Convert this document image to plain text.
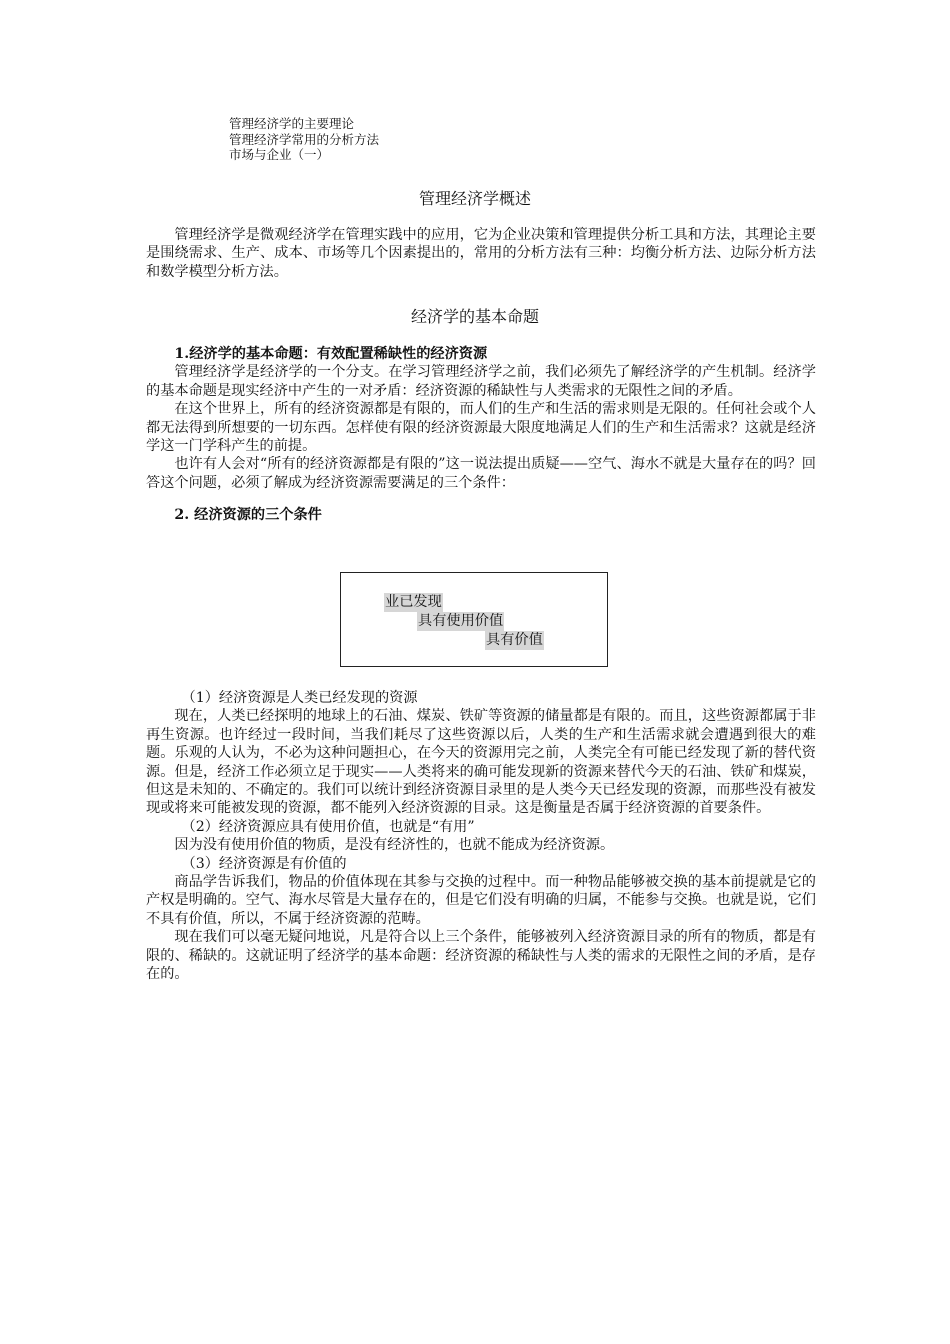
管理经济学的主要理论
管理经济学常用的分析方法
市场与企业（一）
管理经济学概述

管理经济学是微观经济学在管理实践中的应用，它为企业决策和管理提供分析工具和方法，其理论主要是围绕需求、生产、成本、市场等几个因素提出的，常用的分析方法有三种：均衡分析方法、边际分析方法和数学模型分析方法。

经济学的基本命题

1.经济学的基本命题：有效配置稀缺性的经济资源

管理经济学是经济学的一个分支。在学习管理经济学之前，我们必须先了解经济学的产生机制。经济学的基本命题是现实经济中产生的一对矛盾：经济资源的稀缺性与人类需求的无限性之间的矛盾。

在这个世界上，所有的经济资源都是有限的，而人们的生产和生活的需求则是无限的。任何社会或个人都无法得到所想要的一切东西。怎样使有限的经济资源最大限度地满足人们的生产和生活需求？这就是经济学这一门学科产生的前提。

也许有人会对“所有的经济资源都是有限的”这一说法提出质疑——空气、海水不就是大量存在的吗？回答这个问题，必须了解成为经济资源需要满足的三个条件：

2. 经济资源的三个条件

业已发现
具有使用价值
具有价值

（1）经济资源是人类已经发现的资源

现在，人类已经探明的地球上的石油、煤炭、铁矿等资源的储量都是有限的。而且，这些资源都属于非再生资源。也许经过一段时间，当我们耗尽了这些资源以后，人类的生产和生活需求就会遭遇到很大的难题。乐观的人认为，不必为这种问题担心，在今天的资源用完之前，人类完全有可能已经发现了新的替代资源。但是，经济工作必须立足于现实——人类将来的确可能发现新的资源来替代今天的石油、铁矿和煤炭，但这是未知的、不确定的。我们可以统计到经济资源目录里的是人类今天已经发现的资源，而那些没有被发现或将来可能被发现的资源，都不能列入经济资源的目录。这是衡量是否属于经济资源的首要条件。

（2）经济资源应具有使用价值，也就是“有用”

因为没有使用价值的物质，是没有经济性的，也就不能成为经济资源。

（3）经济资源是有价值的

商品学告诉我们，物品的价值体现在其参与交换的过程中。而一种物品能够被交换的基本前提就是它的产权是明确的。空气、海水尽管是大量存在的，但是它们没有明确的归属，不能参与交换。也就是说，它们不具有价值，所以，不属于经济资源的范畴。

现在我们可以毫无疑问地说，凡是符合以上三个条件，能够被列入经济资源目录的所有的物质，都是有限的、稀缺的。这就证明了经济学的基本命题：经济资源的稀缺性与人类的需求的无限性之间的矛盾，是存在的。
